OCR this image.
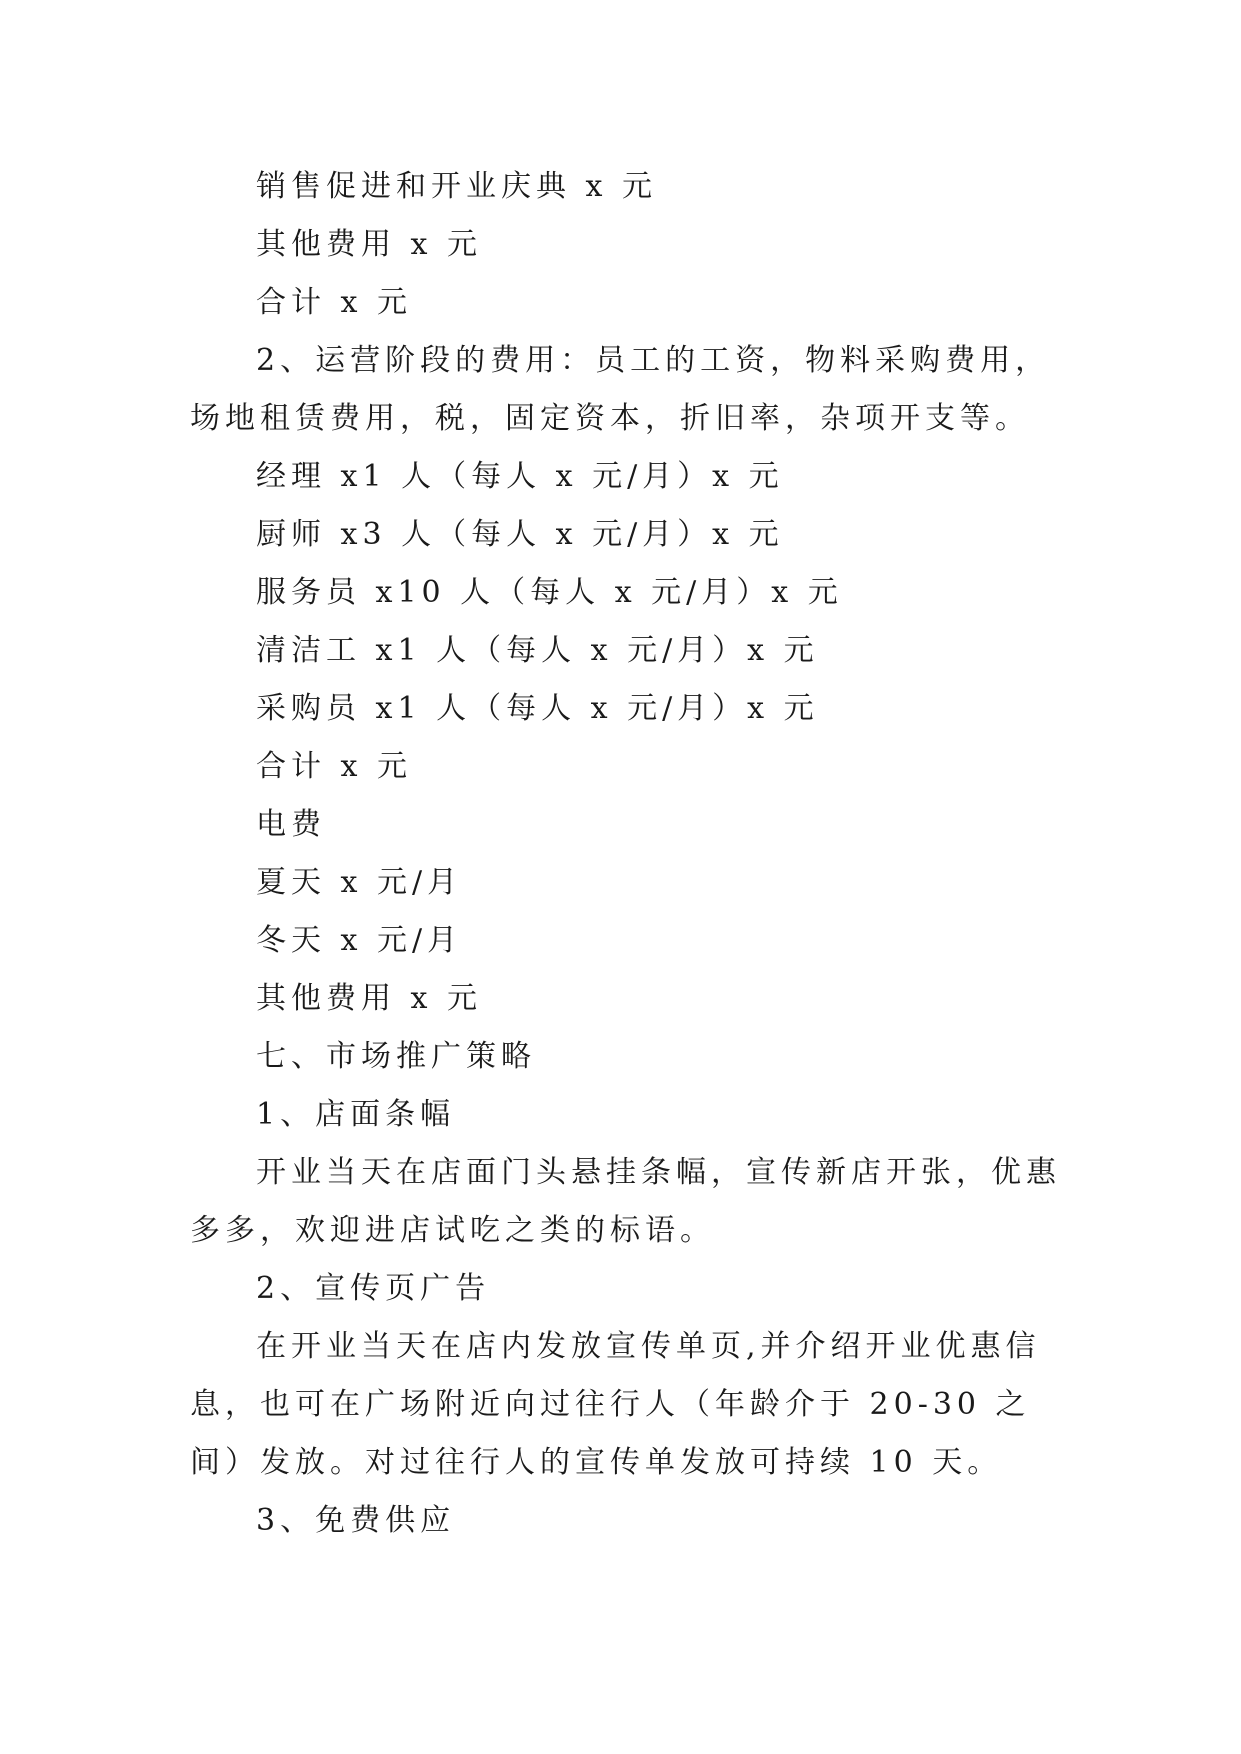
销售促进和开业庆典 x 元

其他费用 x 元

合计 x 元

2、运营阶段的费用：员工的工资，物料采购费用，场地租赁费用，税，固定资本，折旧率，杂项开支等。

经理 x1 人（每人 x 元/月）x 元

厨师 x3 人（每人 x 元/月）x 元

服务员 x10 人（每人 x 元/月）x 元

清洁工 x1 人（每人 x 元/月）x 元

采购员 x1 人（每人 x 元/月）x 元

合计 x 元

电费

夏天 x 元/月

冬天 x 元/月

其他费用 x 元

七、市场推广策略

1、店面条幅

开业当天在店面门头悬挂条幅，宣传新店开张，优惠多多，欢迎进店试吃之类的标语。

2、宣传页广告

在开业当天在店内发放宣传单页,并介绍开业优惠信息，也可在广场附近向过往行人（年龄介于 20-30 之间）发放。对过往行人的宣传单发放可持续 10 天。

3、免费供应
